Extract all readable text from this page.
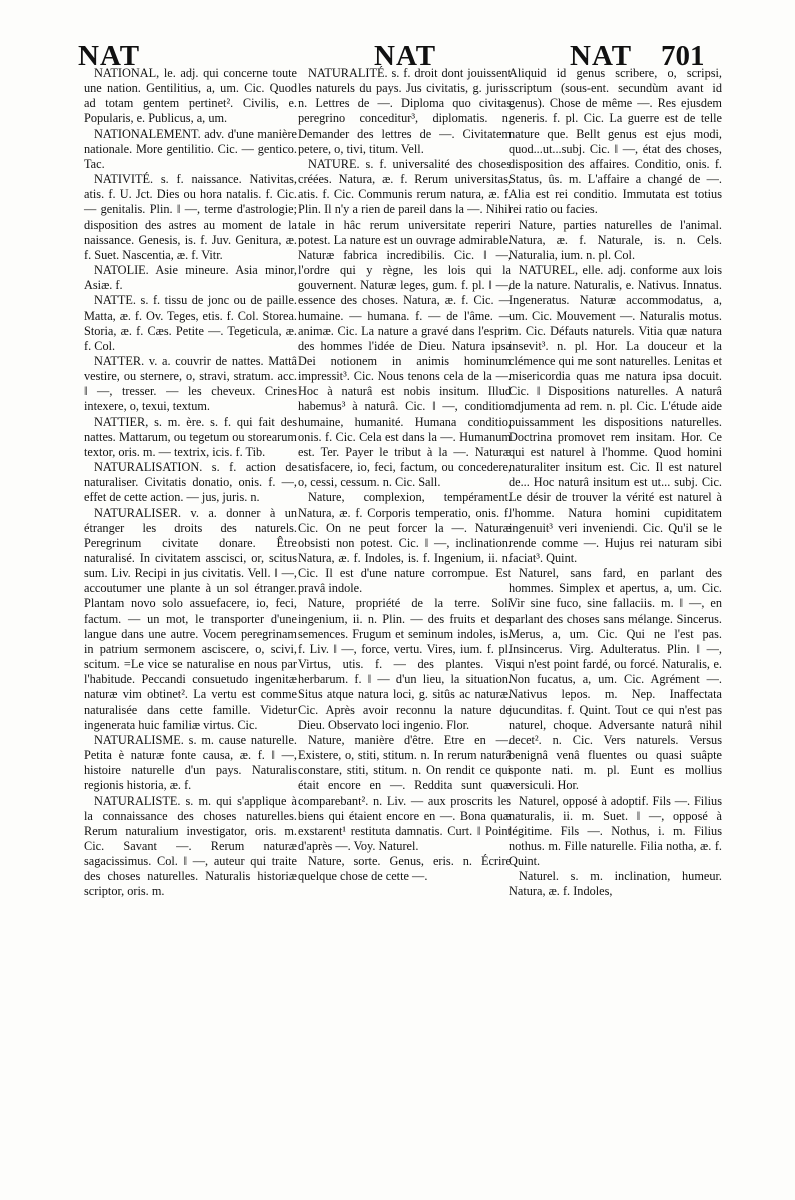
NAT	NAT	NAT 701

NATIONAL, le. adj. qui concerne toute une nation. Gentilitius, a, um. Cic. Quod ad totam gentem pertinet². Civilis, e. Popularis, e. Publicus, a, um.

NATIONALEMENT. adv. d'une manière nationale. More gentilitio. Cic. — gentico. Tac.

NATIVITÉ. s. f. naissance. Nativitas, atis. f. U. Jct. Dies ou hora natalis. f. Cic. — genitalis. Plin. ‖ —, terme d'astrologie; disposition des astres au moment de la naissance. Genesis, is. f. Juv. Genitura, æ. f. Suet. Nascentia, æ. f. Vitr.

NATOLIE. Asie mineure. Asia minor, Asiæ. f.

NATTE. s. f. tissu de jonc ou de paille. Matta, æ. f. Ov. Teges, etis. f. Col. Storea. Storia, æ. f. Cæs. Petite —. Tegeticula, æ. f. Col.

NATTER. v. a. couvrir de nattes. Mattâ vestire, ou sternere, o, stravi, stratum. acc. ‖ —, tresser. — les cheveux. Crines intexere, o, texui, textum.

NATTIER, s. m. ère. s. f. qui fait des nattes. Mattarum, ou tegetum ou storearum textor, oris. m. — textrix, icis. f. Tib.

NATURALISATION. s. f. action de naturaliser. Civitatis donatio, onis. f. —, effet de cette action. — jus, juris. n.

NATURALISER. v. a. donner à un étranger les droits des naturels. Peregrinum civitate donare. Être naturalisé. In civitatem asscisci, or, scitus sum. Liv. Recipi in jus civitatis. Vell. ‖ —, accoutumer une plante à un sol étranger. Plantam novo solo assuefacere, io, feci, factum. — un mot, le transporter d'une langue dans une autre. Vocem peregrinam in patrium sermonem asciscere, o, scivi, scitum. =Le vice se naturalise en nous par l'habitude. Peccandi consuetudo ingenitæ naturæ vim obtinet². La vertu est comme naturalisée dans cette famille. Videtur ingenerata huic familiæ virtus. Cic.

NATURALISME. s. m. cause naturelle. Petita è naturæ fonte causa, æ. f. ‖ —, histoire naturelle d'un pays. Naturalis regionis historia, æ. f.

NATURALISTE. s. m. qui s'applique à la connaissance des choses naturelles. Rerum naturalium investigator, oris. m. Cic. Savant —. Rerum naturæ sagacissimus. Col. ‖ —, auteur qui traite des choses naturelles. Naturalis historiæ scriptor, oris. m.

NATURALITÉ. s. f. droit dont jouissent les naturels du pays. Jus civitatis, g. juris. n. Lettres de —. Diploma quo civitas peregrino conceditur³, diplomatis. n. Demander des lettres de —. Civitatem petere, o, tivi, titum. Vell.

NATURE. s. f. universalité des choses créées. Natura, æ. f. Rerum universitas, atis. f. Cic. Communis rerum natura, æ. f. Plin. Il n'y a rien de pareil dans la —. Nihil tale in hâc rerum universitate reperiri potest. La nature est un ouvrage admirable. Naturæ fabrica incredibilis. Cic. ‖ —, l'ordre qui y règne, les lois qui la gouvernent. Naturæ leges, gum. f. pl. ‖ —, essence des choses. Natura, æ. f. Cic. — humaine. — humana. f. — de l'âme. — animæ. Cic. La nature a gravé dans l'esprit des hommes l'idée de Dieu. Natura ipsa Dei notionem in animis hominum impressit³. Cic. Nous tenons cela de la —. Hoc à naturâ est nobis insitum. Illud habemus³ à naturâ. Cic. ‖ —, condition humaine, humanité. Humana conditio, onis. f. Cic. Cela est dans la —. Humanum est. Ter. Payer le tribut à la —. Naturæ satisfacere, io, feci, factum, ou concedere, o, cessi, cessum. n. Cic. Sall.

Nature, complexion, tempérament. Natura, æ. f. Corporis temperatio, onis. f. Cic. On ne peut forcer la —. Naturæ obsisti non potest. Cic. ‖ —, inclination. Natura, æ. f. Indoles, is. f. Ingenium, ii. n. Cic. Il est d'une nature corrompue. Est pravâ indole.

Nature, propriété de la terre. Soli ingenium, ii. n. Plin. — des fruits et des semences. Frugum et seminum indoles, is. f. Liv. ‖ —, force, vertu. Vires, ium. f. pl. Virtus, utis. f. — des plantes. Vis herbarum. f. ‖ — d'un lieu, la situation. Situs atque natura loci, g. sitûs ac naturæ. Cic. Après avoir reconnu la nature de Dieu. Observato loci ingenio. Flor.

Nature, manière d'être. Etre en —. Existere, o, stiti, stitum. n. In rerum naturâ constare, stiti, stitum. n. On rendit ce qui était encore en —. Reddita sunt quæ comparebant². n. Liv. — aux proscrits les biens qui étaient encore en —. Bona quæ exstarent¹ restituta damnatis. Curt. ‖ Point d'après —. Voy. Naturel.

Nature, sorte. Genus, eris. n. Écrire quelque chose de cette —.

Aliquid id genus scribere, o, scripsi, scriptum (sous-ent. secundùm avant id genus). Chose de même —. Res ejusdem generis. f. pl. Cic. La guerre est de telle nature que. Bellt genus est ejus modi, quod...ut...subj. Cic. ‖ —, état des choses, disposition des affaires. Conditio, onis. f. Status, ûs. m. L'affaire a changé de —. Alia est rei conditio. Immutata est totius rei ratio ou facies.

Nature, parties naturelles de l'animal. Natura, æ. f. Naturale, is. n. Cels. Naturalia, ium. n. pl. Col.

NATUREL, elle. adj. conforme aux lois de la nature. Naturalis, e. Nativus. Innatus. Ingeneratus. Naturæ accommodatus, a, um. Cic. Mouvement —. Naturalis motus. m. Cic. Défauts naturels. Vitia quæ natura insevit³. n. pl. Hor. La douceur et la clémence qui me sont naturelles. Lenitas et misericordia quas me natura ipsa docuit. Cic. ‖ Dispositions naturelles. A naturâ adjumenta ad rem. n. pl. Cic. L'étude aide puissamment les dispositions naturelles. Doctrina promovet rem insitam. Hor. Ce qui est naturel à l'homme. Quod homini naturaliter insitum est. Cic. Il est naturel de... Hoc naturâ insitum est ut... subj. Cic. Le désir de trouver la vérité est naturel à l'homme. Natura homini cupiditatem ingenuit³ veri inveniendi. Cic. Qu'il se le rende comme —. Hujus rei naturam sibi faciat³. Quint.

Naturel, sans fard, en parlant des hommes. Simplex et apertus, a, um. Cic. Vir sine fuco, sine fallaciis. m. ‖ —, en parlant des choses sans mélange. Sincerus. Merus, a, um. Cic. Qui ne l'est pas. Insincerus. Virg. Adulteratus. Plin. ‖ —, qui n'est point fardé, ou forcé. Naturalis, e. Non fucatus, a, um. Cic. Agrément —. Nativus lepos. m. Nep. Inaffectata jucunditas. f. Quint. Tout ce qui n'est pas naturel, choque. Adversante naturâ nihil decet². n. Cic. Vers naturels. Versus benignâ venâ fluentes ou quasi suâpte sponte nati. m. pl. Eunt es mollius versiculi. Hor.

Naturel, opposé à adoptif. Fils —. Filius naturalis, ii. m. Suet. ‖ —, opposé à légitime. Fils —. Nothus, i. m. Filius nothus. m. Fille naturelle. Filia notha, æ. f. Quint.

Naturel. s. m. inclination, humeur. Natura, æ. f. Indoles,
